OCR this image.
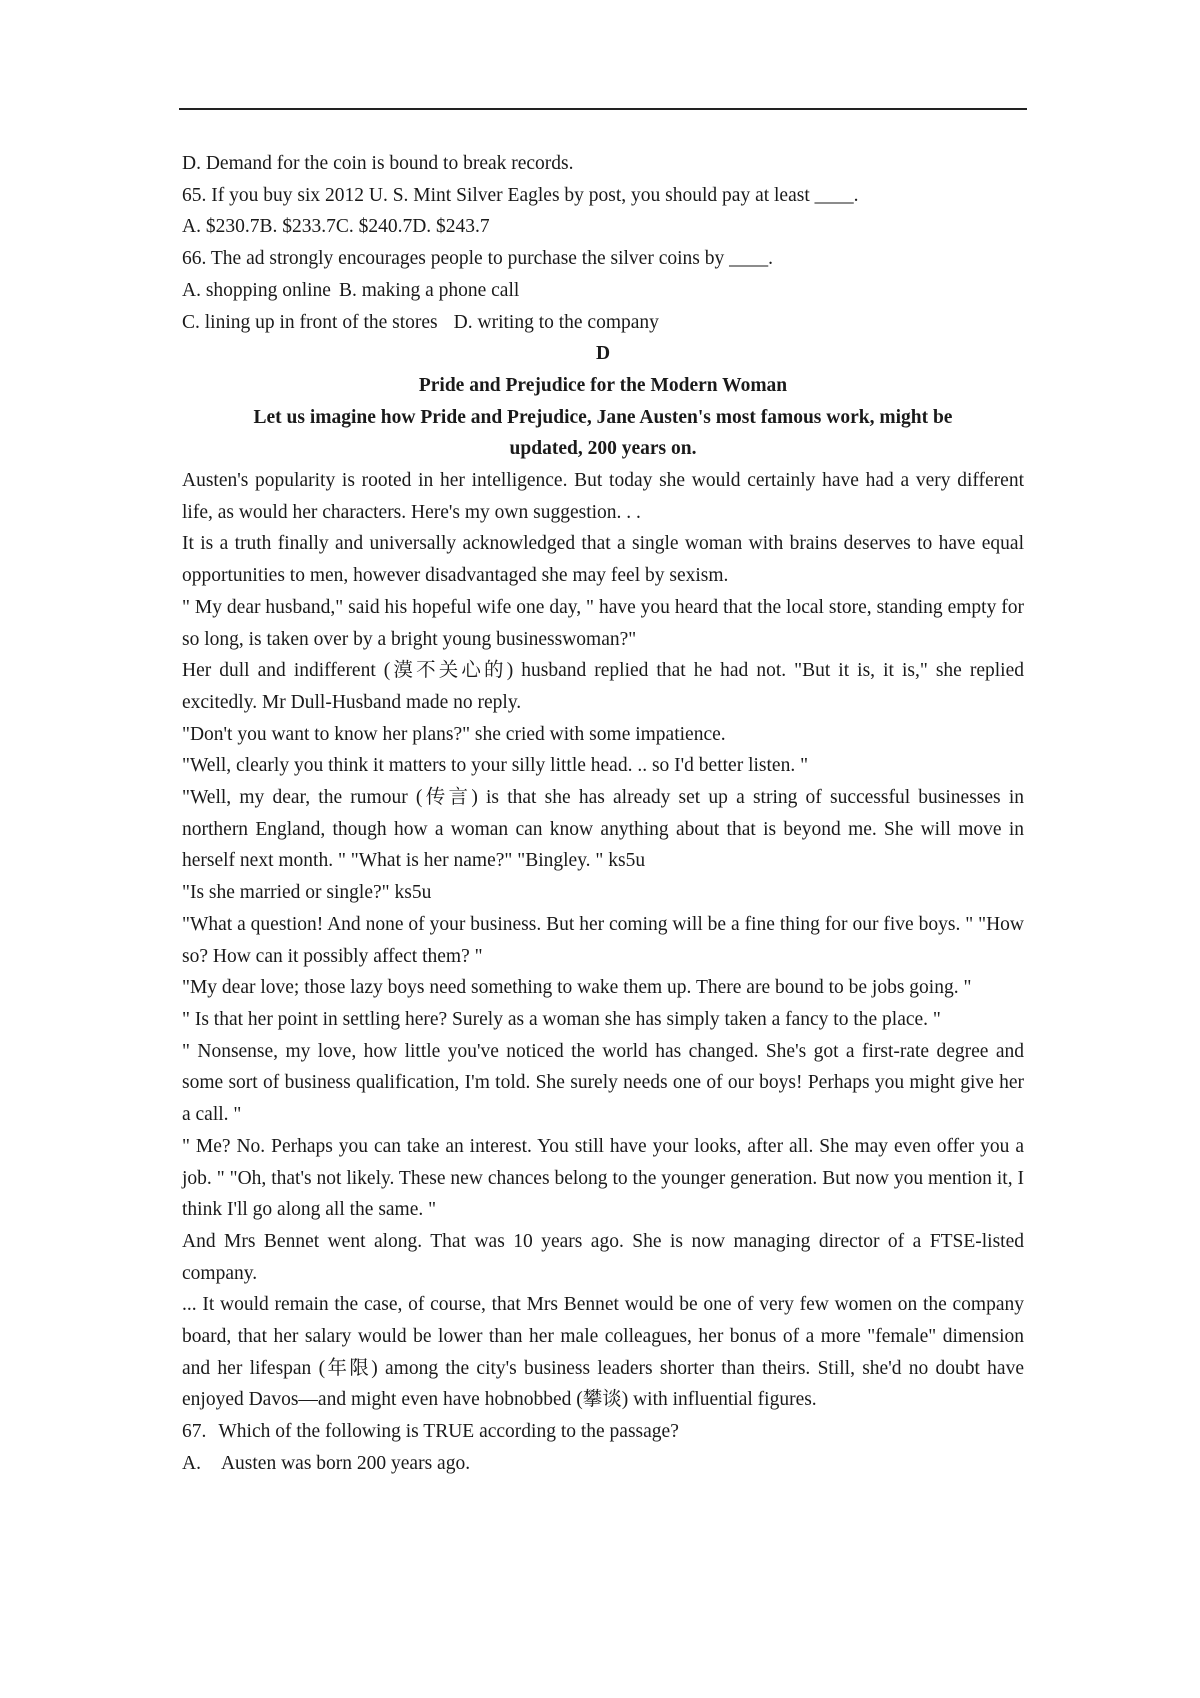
D. Demand for the coin is bound to break records.

65. If you buy six 2012 U. S. Mint Silver Eagles by post, you should pay at least ____.

A. $230.7B. $233.7C. $240.7D. $243.7

66. The ad strongly encourages people to purchase the silver coins by ____.

A. shopping online B. making a phone call

C. lining up in front of the stores D. writing to the company

D

Pride and Prejudice for the Modern Woman

Let us imagine how Pride and Prejudice, Jane Austen's most famous work, might be updated, 200 years on.

Austen's popularity is rooted in her intelligence. But today she would certainly have had a very different life, as would her characters. Here's my own suggestion. . .

It is a truth finally and universally acknowledged that a single woman with brains deserves to have equal opportunities to men, however disadvantaged she may feel by sexism.

" My dear husband," said his hopeful wife one day, " have you heard that the local store, standing empty for so long, is taken over by a bright young businesswoman?"

Her dull and indifferent (漠不关心的) husband replied that he had not. "But it is, it is," she replied excitedly. Mr Dull-Husband made no reply.

"Don't you want to know her plans?" she cried with some impatience.

"Well, clearly you think it matters to your silly little head. .. so I'd better listen. "

"Well, my dear, the rumour (传言) is that she has already set up a string of successful businesses in northern England, though how a woman can know anything about that is beyond me. She will move in herself next month. " "What is her name?" "Bingley. " ks5u

"Is she married or single?" ks5u

"What a question! And none of your business. But her coming will be a fine thing for our five boys. " "How so? How can it possibly affect them? "

"My dear love; those lazy boys need something to wake them up. There are bound to be jobs going. "

" Is that her point in settling here? Surely as a woman she has simply taken a fancy to the place. "

" Nonsense, my love, how little you've noticed the world has changed. She's got a first-rate degree and some sort of business qualification, I'm told. She surely needs one of our boys! Perhaps you might give her a call. "

" Me? No. Perhaps you can take an interest. You still have your looks, after all. She may even offer you a job. " "Oh, that's not likely. These new chances belong to the younger generation. But now you mention it, I think I'll go along all the same. "

And Mrs Bennet went along. That was 10 years ago. She is now managing director of a FTSE-listed company.

... It would remain the case, of course, that Mrs Bennet would be one of very few women on the company board, that her salary would be lower than her male colleagues, her bonus of a more "female" dimension and her lifespan (年限) among the city's business leaders shorter than theirs. Still, she'd no doubt have enjoyed Davos—and might even have hobnobbed (攀谈) with influential figures.

67. Which of the following is TRUE according to the passage?

A. Austen was born 200 years ago.
